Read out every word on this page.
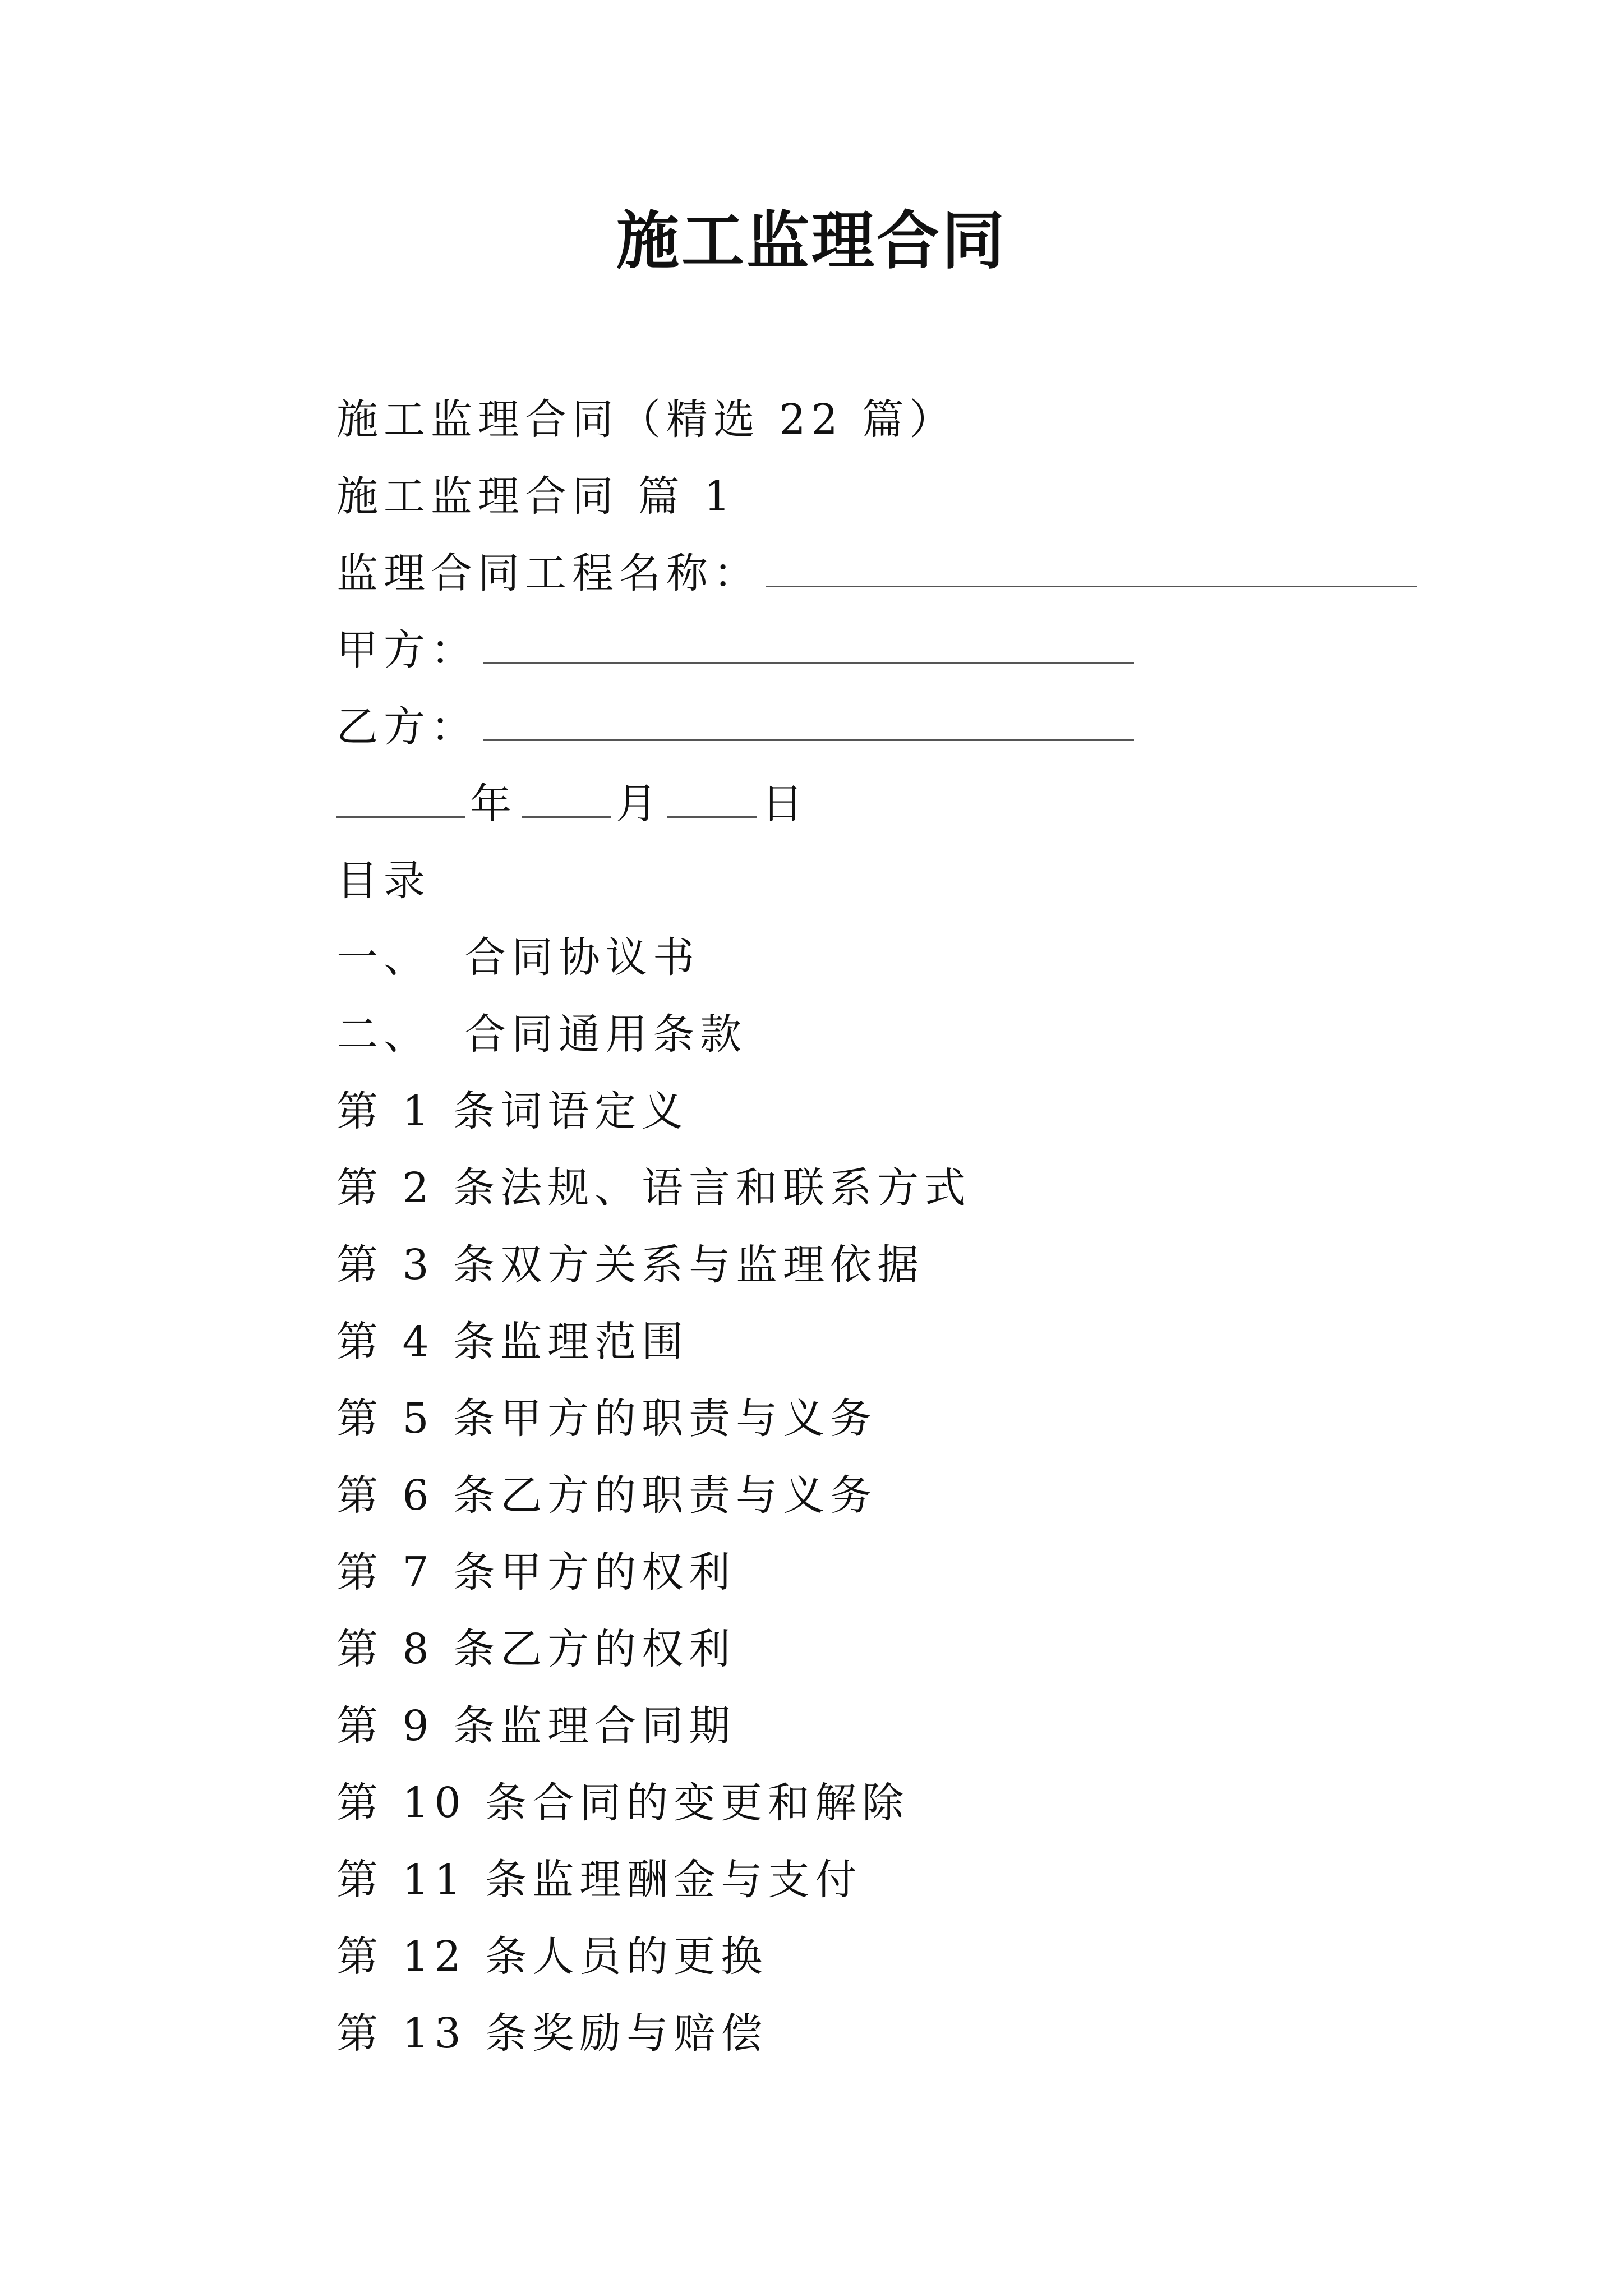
施工监理合同
施工监理合同（精选 22 篇）
施工监理合同 篇 1
监理合同工程名称：
甲方：
乙方：
年 月 日
目录
一、 合同协议书
二、 合同通用条款
第 1 条词语定义
第 2 条法规、语言和联系方式
第 3 条双方关系与监理依据
第 4 条监理范围
第 5 条甲方的职责与义务
第 6 条乙方的职责与义务
第 7 条甲方的权利
第 8 条乙方的权利
第 9 条监理合同期
第 10 条合同的变更和解除
第 11 条监理酬金与支付
第 12 条人员的更换
第 13 条奖励与赔偿
